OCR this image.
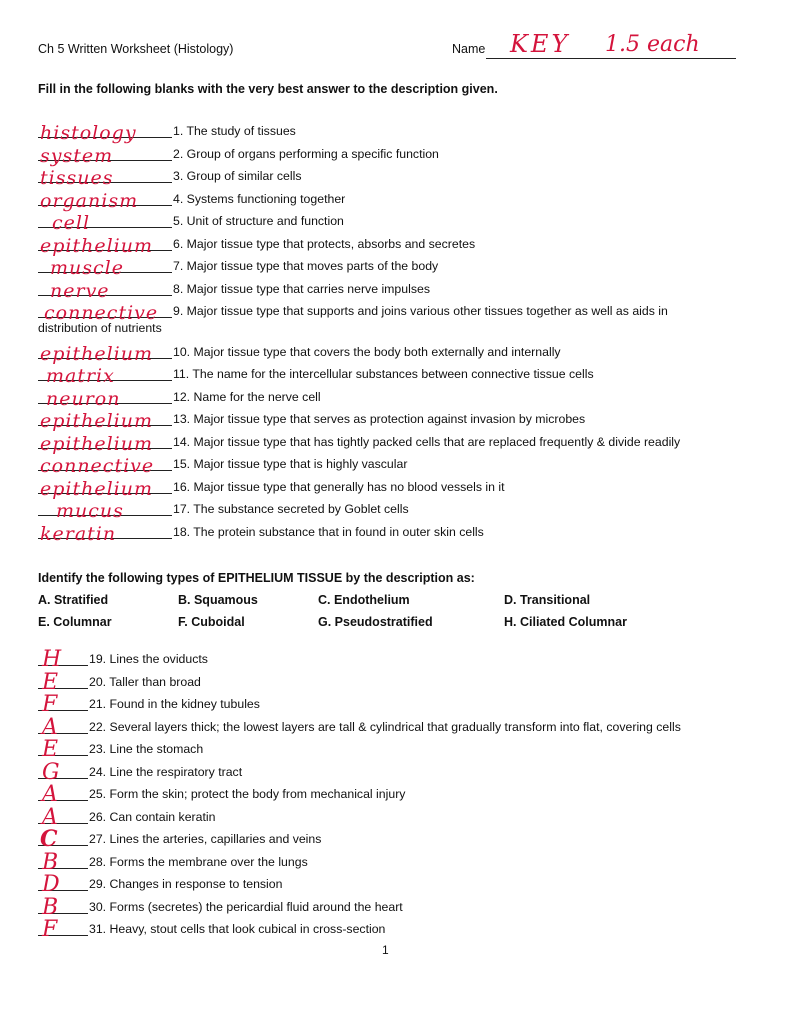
Ch 5 Written Worksheet (Histology)	Name KEY 1.5 each
Fill in the following blanks with the very best answer to the description given.
histology	1. The study of tissues
system	2. Group of organs performing a specific function
tissues	3. Group of similar cells
organism	4. Systems functioning together
cell	5. Unit of structure and function
epithelium 6. Major tissue type that protects, absorbs and secretes
muscle	7. Major tissue type that moves parts of the body
nerve	8. Major tissue type that carries nerve impulses
connective 9. Major tissue type that supports and joins various other tissues together as well as aids in
distribution of nutrients
epithelium 10. Major tissue type that covers the body both externally and internally
matrix	11. The name for the intercellular substances between connective tissue cells
neuron	12. Name for the nerve cell
epithelium 13. Major tissue type that serves as protection against invasion by microbes
epithelium 14. Major tissue type that has tightly packed cells that are replaced frequently & divide readily
connective 15. Major tissue type that is highly vascular
epithelium 16. Major tissue type that generally has no blood vessels in it
mucus	17. The substance secreted by Goblet cells
keratin	18. The protein substance that in found in outer skin cells
Identify the following types of EPITHELIUM TISSUE by the description as:
A. Stratified	B. Squamous	C. Endothelium	D. Transitional
E. Columnar	F. Cuboidal	G. Pseudostratified	H. Ciliated Columnar
H 19. Lines the oviducts
E 20. Taller than broad
F 21. Found in the kidney tubules
A 22. Several layers thick; the lowest layers are tall & cylindrical that gradually transform into flat, covering cells
E 23. Line the stomach
G 24. Line the respiratory tract
A 25. Form the skin; protect the body from mechanical injury
A 26. Can contain keratin
C 27. Lines the arteries, capillaries and veins
B 28. Forms the membrane over the lungs
D 29. Changes in response to tension
B 30. Forms (secretes) the pericardial fluid around the heart
F 31. Heavy, stout cells that look cubical in cross-section
1
